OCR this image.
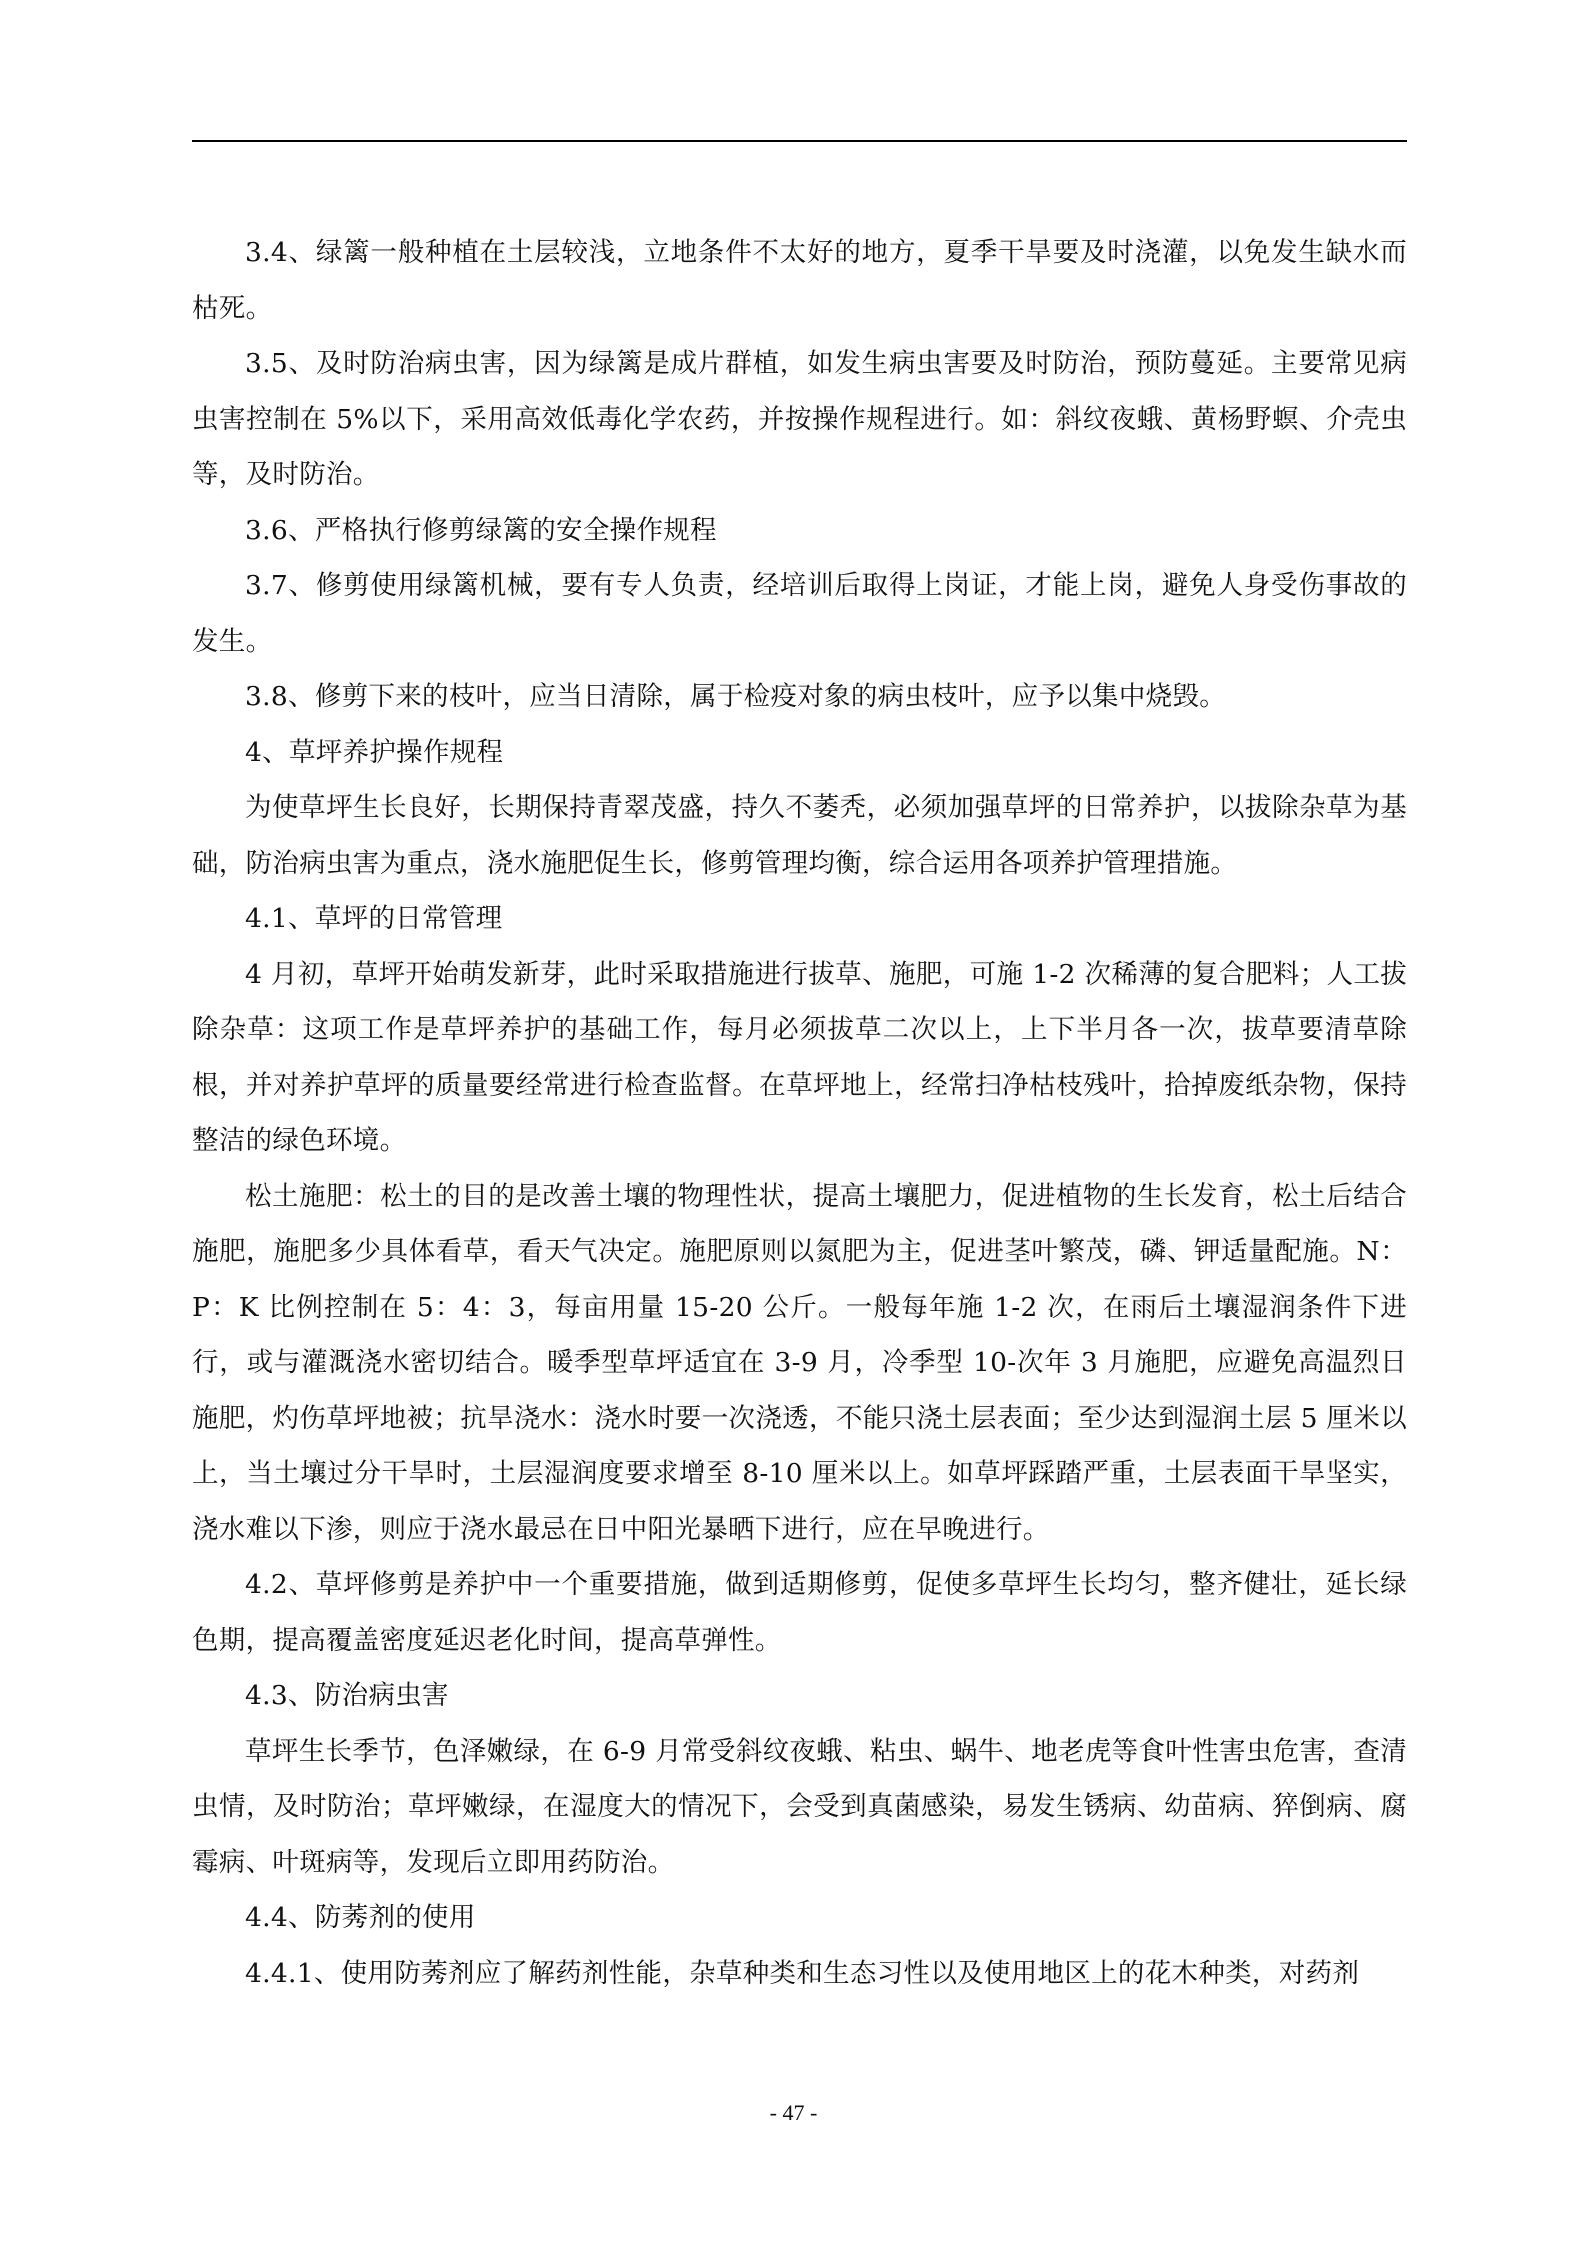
3.4、绿篱一般种植在土层较浅，立地条件不太好的地方，夏季干旱要及时浇灌，以免发生缺水而枯死。

3.5、及时防治病虫害，因为绿篱是成片群植，如发生病虫害要及时防治，预防蔓延。主要常见病虫害控制在 5%以下，采用高效低毒化学农药，并按操作规程进行。如：斜纹夜蛾、黄杨野螟、介壳虫等，及时防治。

3.6、严格执行修剪绿篱的安全操作规程

3.7、修剪使用绿篱机械，要有专人负责，经培训后取得上岗证，才能上岗，避免人身受伤事故的发生。

3.8、修剪下来的枝叶，应当日清除，属于检疫对象的病虫枝叶，应予以集中烧毁。

4、草坪养护操作规程

为使草坪生长良好，长期保持青翠茂盛，持久不萎秃，必须加强草坪的日常养护，以拔除杂草为基础，防治病虫害为重点，浇水施肥促生长，修剪管理均衡，综合运用各项养护管理措施。

4.1、草坪的日常管理

4 月初，草坪开始萌发新芽，此时采取措施进行拔草、施肥，可施 1-2 次稀薄的复合肥料；人工拔除杂草：这项工作是草坪养护的基础工作，每月必须拔草二次以上，上下半月各一次，拔草要清草除根，并对养护草坪的质量要经常进行检查监督。在草坪地上，经常扫净枯枝残叶，拾掉废纸杂物，保持整洁的绿色环境。

松土施肥：松土的目的是改善土壤的物理性状，提高土壤肥力，促进植物的生长发育，松土后结合施肥，施肥多少具体看草，看天气决定。施肥原则以氮肥为主，促进茎叶繁茂，磷、钾适量配施。N：P：K 比例控制在 5：4：3，每亩用量 15-20 公斤。一般每年施 1-2 次，在雨后土壤湿润条件下进行，或与灌溉浇水密切结合。暖季型草坪适宜在 3-9 月，冷季型 10-次年 3 月施肥，应避免高温烈日施肥，灼伤草坪地被；抗旱浇水：浇水时要一次浇透，不能只浇土层表面；至少达到湿润土层 5 厘米以上，当土壤过分干旱时，土层湿润度要求增至 8-10 厘米以上。如草坪踩踏严重，土层表面干旱坚实，浇水难以下渗，则应于浇水最忌在日中阳光暴晒下进行，应在早晚进行。

4.2、草坪修剪是养护中一个重要措施，做到适期修剪，促使多草坪生长均匀，整齐健壮，延长绿色期，提高覆盖密度延迟老化时间，提高草弹性。

4.3、防治病虫害

草坪生长季节，色泽嫩绿，在 6-9 月常受斜纹夜蛾、粘虫、蜗牛、地老虎等食叶性害虫危害，查清虫情，及时防治；草坪嫩绿，在湿度大的情况下，会受到真菌感染，易发生锈病、幼苗病、猝倒病、腐霉病、叶斑病等，发现后立即用药防治。

4.4、防莠剂的使用

4.4.1、使用防莠剂应了解药剂性能，杂草种类和生态习性以及使用地区上的花木种类，对药剂

- 47 -
